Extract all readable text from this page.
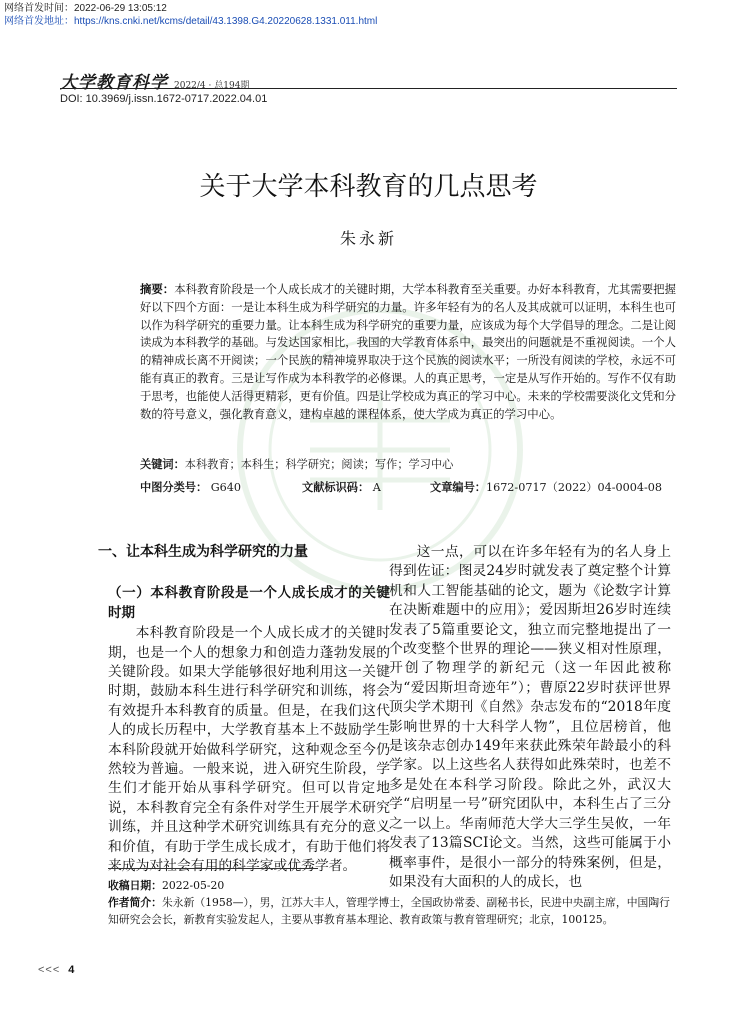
网络首发时间：2022-06-29 13:05:12
网络首发地址：https://kns.cnki.net/kcms/detail/43.1398.G4.20220628.1331.011.html
大学教育科学 2022/4 · 总194期
DOI: 10.3969/j.issn.1672-0717.2022.04.01
关于大学本科教育的几点思考
朱永新

摘要：本科教育阶段是一个人成长成才的关键时期，大学本科教育至关重要。办好本科教育，尤其需要把握好以下四个方面：一是让本科生成为科学研究的力量。许多年轻有为的名人及其成就可以证明，本科生也可以作为科学研究的重要力量。让本科生成为科学研究的重要力量，应该成为每个大学倡导的理念。二是让阅读成为本科教学的基础。与发达国家相比，我国的大学教育体系中，最突出的问题就是不重视阅读。一个人的精神成长离不开阅读；一个民族的精神境界取决于这个民族的阅读水平；一所没有阅读的学校，永远不可能有真正的教育。三是让写作成为本科教学的必修课。人的真正思考，一定是从写作开始的。写作不仅有助于思考，也能使人活得更精彩，更有价值。四是让学校成为真正的学习中心。未来的学校需要淡化文凭和分数的符号意义，强化教育意义，建构卓越的课程体系，使大学成为真正的学习中心。

关键词：本科教育；本科生；科学研究；阅读；写作；学习中心
中图分类号： G640	文献标识码： A	文章编号：1672-0717（2022）04-0004-08
一、让本科生成为科学研究的力量
（一）本科教育阶段是一个人成长成才的关键时期

本科教育阶段是一个人成长成才的关键时期，也是一个人的想象力和创造力蓬勃发展的关键阶段。如果大学能够很好地利用这一关键时期，鼓励本科生进行科学研究和训练，将会有效提升本科教育的质量。但是，在我们这代人的成长历程中，大学教育基本上不鼓励学生本科阶段就开始做科学研究，这种观念至今仍然较为普遍。一般来说，进入研究生阶段，学生们才能开始从事科学研究。但可以肯定地说，本科教育完全有条件对学生开展学术研究训练，并且这种学术研究训练具有充分的意义和价值，有助于学生成长成才，有助于他们将来成为对社会有用的科学家或优秀学者。

这一点，可以在许多年轻有为的名人身上得到佐证：图灵24岁时就发表了奠定整个计算机和人工智能基础的论文，题为《论数字计算在决断难题中的应用》；爱因斯坦26岁时连续发表了5篇重要论文，独立而完整地提出了一个改变整个世界的理论——狭义相对性原理，开创了物理学的新纪元（这一年因此被称为“爱因斯坦奇迹年”）；曹原22岁时获评世界顶尖学术期刊《自然》杂志发布的“2018年度影响世界的十大科学人物”，且位居榜首，他是该杂志创办149年来获此殊荣年龄最小的科学家。以上这些名人获得如此殊荣时，也差不多是处在本科学习阶段。除此之外，武汉大学“启明星一号”研究团队中，本科生占了三分之一以上。华南师范大学大三学生吴攸，一年发表了13篇SCI论文。当然，这些可能属于小概率事件，是很小一部分的特殊案例，但是，如果没有大面积的人的成长，也

收稿日期：2022-05-20
作者简介：朱永新（1958—），男，江苏大丰人，管理学博士，全国政协常委、副秘书长，民进中央副主席，中国陶行知研究会会长，新教育实验发起人，主要从事教育基本理论、教育政策与教育管理研究；北京，100125。
<<< 4
